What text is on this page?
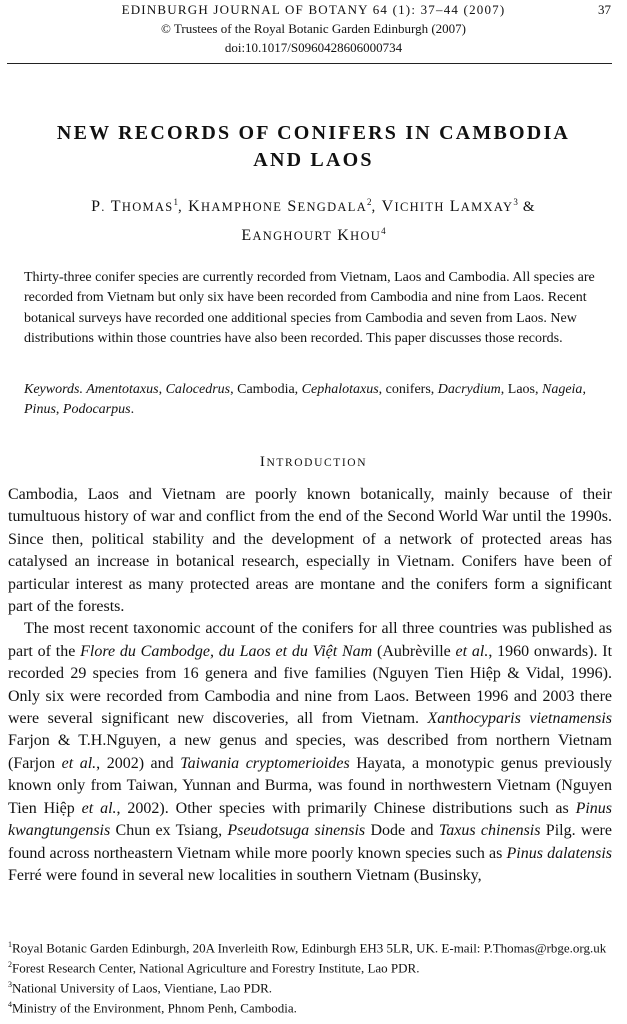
EDINBURGH JOURNAL OF BOTANY 64 (1): 37–44 (2007)	37
© Trustees of the Royal Botanic Garden Edinburgh (2007)
doi:10.1017/S0960428606000734
NEW RECORDS OF CONIFERS IN CAMBODIA
AND LAOS
P. THOMAS$^1$, KHAMPHONE SENGDALA$^2$, VICHITH LAMXAY$^3$ &
EANGHOURT KHOU$^4$

Thirty-three conifer species are currently recorded from Vietnam, Laos and Cambodia. All species are recorded from Vietnam but only six have been recorded from Cambodia and nine from Laos. Recent botanical surveys have recorded one additional species from Cambodia and seven from Laos. New distributions within those countries have also been recorded. This paper discusses those records.

Keywords. Amentotaxus, Calocedrus, Cambodia, Cephalotaxus, conifers, Dacrydium, Laos, Nageia, Pinus, Podocarpus.

INTRODUCTION

Cambodia, Laos and Vietnam are poorly known botanically, mainly because of their tumultuous history of war and conflict from the end of the Second World War until the 1990s. Since then, political stability and the development of a network of protected areas has catalysed an increase in botanical research, especially in Vietnam. Conifers have been of particular interest as many protected areas are montane and the conifers form a significant part of the forests.

The most recent taxonomic account of the conifers for all three countries was published as part of the Flore du Cambodge, du Laos et du Việt Nam (Aubrèville et al., 1960 onwards). It recorded 29 species from 16 genera and five families (Nguyen Tien Hiệp & Vidal, 1996). Only six were recorded from Cambodia and nine from Laos. Between 1996 and 2003 there were several significant new discoveries, all from Vietnam. Xanthocyparis vietnamensis Farjon & T.H.Nguyen, a new genus and species, was described from northern Vietnam (Farjon et al., 2002) and Taiwania cryptomerioides Hayata, a monotypic genus previously known only from Taiwan, Yunnan and Burma, was found in northwestern Vietnam (Nguyen Tien Hiệp et al., 2002). Other species with primarily Chinese distributions such as Pinus kwangtungensis Chun ex Tsiang, Pseudotsuga sinensis Dode and Taxus chinensis Pilg. were found across northeastern Vietnam while more poorly known species such as Pinus dalatensis Ferré were found in several new localities in southern Vietnam (Businsky,

$^1$Royal Botanic Garden Edinburgh, 20A Inverleith Row, Edinburgh EH3 5LR, UK. E-mail: P.Thomas@rbge.org.uk

$^2$Forest Research Center, National Agriculture and Forestry Institute, Lao PDR.

$^3$National University of Laos, Vientiane, Lao PDR.

$^4$Ministry of the Environment, Phnom Penh, Cambodia.
